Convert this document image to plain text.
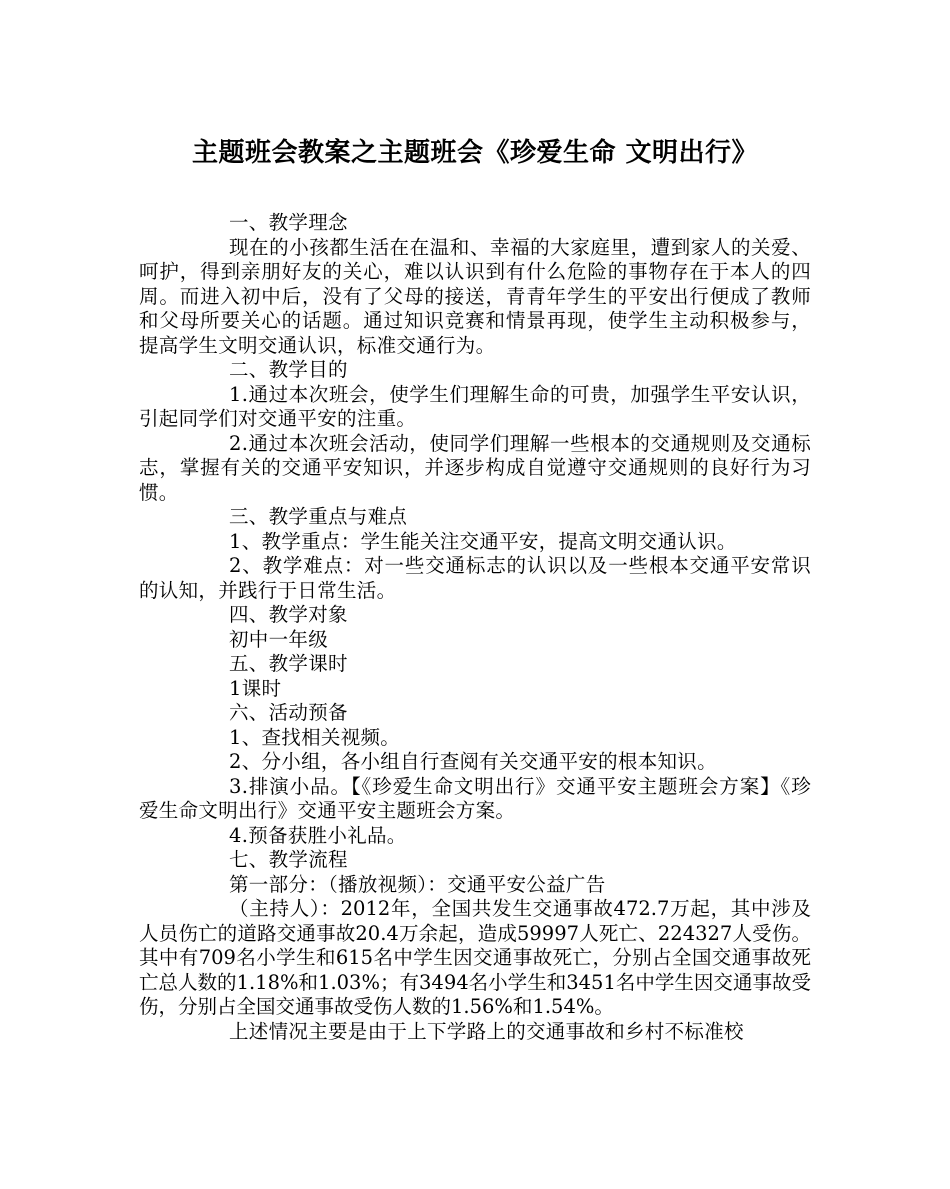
主题班会教案之主题班会《珍爱生命 文明出行》

一、教学理念

现在的小孩都生活在在温和、幸福的大家庭里，遭到家人的关爱、呵护，得到亲朋好友的关心，难以认识到有什么危险的事物存在于本人的四周。而进入初中后，没有了父母的接送，青青年学生的平安出行便成了教师和父母所要关心的话题。通过知识竞赛和情景再现，使学生主动积极参与，提高学生文明交通认识，标准交通行为。

二、教学目的

1.通过本次班会，使学生们理解生命的可贵，加强学生平安认识，引起同学们对交通平安的注重。

2.通过本次班会活动，使同学们理解一些根本的交通规则及交通标志，掌握有关的交通平安知识，并逐步构成自觉遵守交通规则的良好行为习惯。

三、教学重点与难点

1、教学重点：学生能关注交通平安，提高文明交通认识。

2、教学难点：对一些交通标志的认识以及一些根本交通平安常识的认知，并践行于日常生活。

四、教学对象

初中一年级

五、教学课时

1课时

六、活动预备

1、查找相关视频。

2、分小组，各小组自行查阅有关交通平安的根本知识。

3.排演小品。【《珍爱生命文明出行》交通平安主题班会方案】《珍爱生命文明出行》交通平安主题班会方案。

4.预备获胜小礼品。

七、教学流程

第一部分：（播放视频）：交通平安公益广告

（主持人）：2012年，全国共发生交通事故472.7万起，其中涉及人员伤亡的道路交通事故20.4万余起，造成59997人死亡、224327人受伤。其中有709名小学生和615名中学生因交通事故死亡，分别占全国交通事故死亡总人数的1.18%和1.03%；有3494名小学生和3451名中学生因交通事故受伤，分别占全国交通事故受伤人数的1.56%和1.54%。

上述情况主要是由于上下学路上的交通事故和乡村不标准校
